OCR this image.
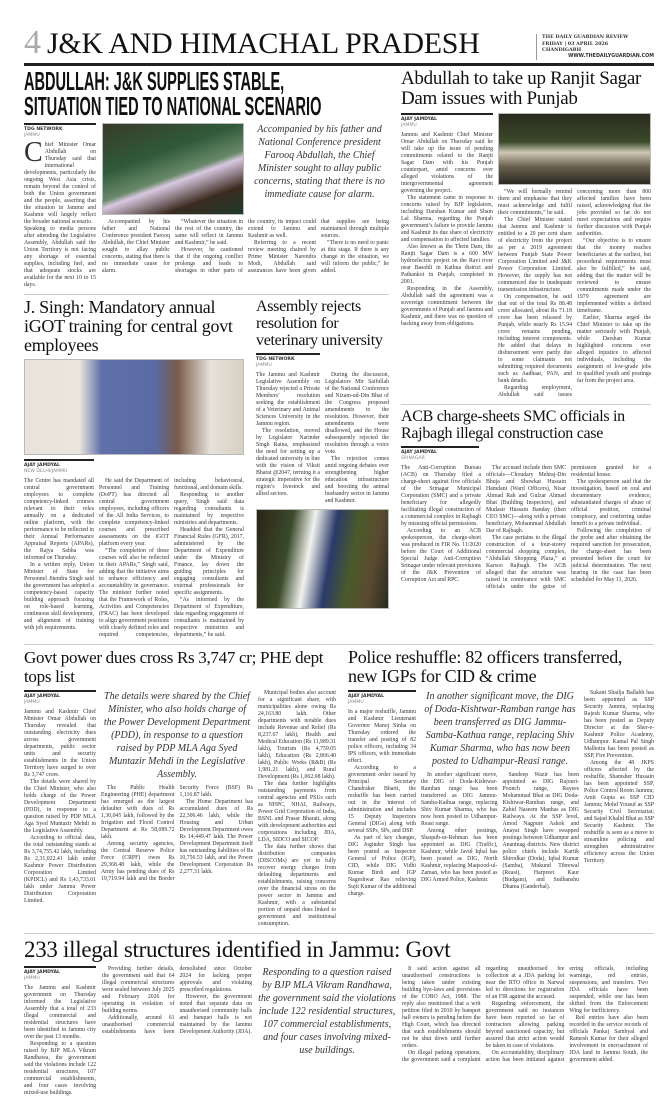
4 J&K AND HIMACHAL PRADESH	THE DAILY GUARDIAN REVIEW
FRIDAY | 03 APRIL 2026
CHANDIGARH
WWW.THEDAILYGUARDIAN.COM
ABDULLAH: J&K SUPPLIES STABLE,
SITUATION TIED TO NATIONAL SCENARIO
TDG NETWORK
JAMMU
Chief Minister Omar Abdullah on Thursday said that international developments, particularly the ongoing West Asia crisis, remain beyond the control of both the Union government and the people, asserting that the situation in Jammu and Kashmir will largely reflect the broader national scenario.

Speaking to media persons after attending the Legislative Assembly, Abdullah said the Union Territory is not facing any shortage of essential supplies, including fuel, and that adequate stocks are available for the next 10 to 15 days.

Accompanied by his father and National Conference president Farooq Abdullah, the Chief Minister sought to allay public concerns, stating that there is no immediate cause for alarm.

Accompanied by his father and National Conference president Farooq Abdullah, the Chief Minister sought to allay public concerns, stating that there is no immediate cause for alarm.

“Whatever the situation in the rest of the country, the same will reflect in Jammu and Kashmir,” he said.

However, he cautioned that if the ongoing conflict prolongs and leads to shortages in other parts of the country, its impact could extend to Jammu and Kashmir as well.

Referring to a recent review meeting chaired by Prime Minister Narendra Modi, Abdullah said assurances have been given that supplies are being maintained through multiple sources.

“There is no need to panic at this stage. If there is any change in the situation, we will inform the public,” he added.

J. Singh: Mandatory annual iGOT training for central govt employees
AJAY JAMDYAL
NEW DELHI/JAMMU

The Centre has mandated all central government employees to complete competency-linked courses relevant to their roles annually on a dedicated online platform, with the performance to be reflected in their Annual Performance Appraisal Reports (APARs), the Rajya Sabha was informed on Thursday.

In a written reply, Union Minister of State for Personnel Jitendra Singh said the government has adopted a competency-based capacity building approach focusing on role-based learning, continuous skill development, and alignment of training with job requirements.

He said the Department of Personnel and Training (DoPT) has directed all central government employees, including officers of the All India Services, to complete competency-linked courses and prescribed assessments on the iGOT platform every year.

“The completion of these courses will also be reflected in their APARs,” Singh said, adding that the initiative aims to enhance efficiency and accountability in governance. The minister further noted that the Framework of Roles, Activities and Competencies (FRAC) has been developed to align government positions with clearly defined roles and required competencies, including behavioural, functional, and domain skills.

Responding to another query, Singh said data regarding consultants is maintained by respective ministries and departments.

Headded that the General Financial Rules (GFR), 2017, administered by the Department of Expenditure under the Ministry of Finance, lay down the guiding principles for engaging consultants and external professionals for specific assignments.

“As informed by the Department of Expenditure, data regarding engagement of consultants is maintained by respective ministries and departments,” he said.

Assembly rejects resolution for veterinary university
TDG NETWORK
JAMMU

The Jammu and Kashmir Legislative Assembly on Thursday rejected a Private Members’ resolution seeking the establishment of a Veterinary and Animal Sciences University in the Jammu region.

The resolution, moved by Legislator Narinder Singh Raina, emphasized the need for setting up a dedicated university in line with the vision of Viksit Bharat @2047, terming it a strategic imperative for the region’s livestock and allied sectors.

During the discussion, Legislators Mir Saifullah of the National Conference and Nizam-ud-Din Bhat of the Congress proposed amendments to the resolution. However, their amendments were disallowed, and the House subsequently rejected the resolution through a voice vote.

The rejection comes amid ongoing debates over strengthening higher education infrastructure and boosting the animal husbandry sector in Jammu and Kashmir.

Abdullah to take up Ranjit Sagar Dam issues with Punjab
AJAY JAMDYAL
JAMMU

Jammu and Kashmir Chief Minister Omar Abdullah on Thursday said he will take up the issue of pending commitments related to the Ranjit Sagar Dam with his Punjab counterpart, amid concerns over alleged violations of the intergovernmental agreement governing the project.

The statement came in response to concerns raised by BJP legislators, including Darshan Kumar and Sham Lal Sharma, regarding the Punjab government’s failure to provide Jammu and Kashmir its due share of electricity and compensation to affected families.

Also known as the Thein Dam, the Ranjit Sagar Dam is a 600 MW hydroelectric project on the Ravi river near Basohli in Kathua district and Pathankot in Punjab, completed in 2001.

Responding in the Assembly, Abdullah said the agreement was a sovereign commitment between the governments of Punjab and Jammu and Kashmir, and there was no question of backing away from obligations.

“We will formally remind them and emphasise that they must acknowledge and fulfil their commitments,” he said.

The Chief Minister stated that Jammu and Kashmir is entitled to a 20 per cent share of electricity from the project as per a 2019 agreement between Punjab State Power Corporation Limited and J&K Power Corporation Limited. However, the supply has not commenced due to inadequate transmission infrastructure.

On compensation, he said that out of the total Rs 88.48 crore allocated, about Rs 71.18 crore has been released by Punjab, while nearly Rs 15.94 crore remains pending, including interest components. He added that delays in disbursement were partly due to some claimants not submitting required documents such as Aadhaar, PAN, and bank details.

Regarding employment, Abdullah said issues concerning more than 800 affected families have been raised, acknowledging that the jobs provided so far do not meet expectations and require further discussion with Punjab authorities.

“Our objective is to ensure that the money reaches beneficiaries at the earliest, but procedural requirements must also be fulfilled,” he said, adding that the matter will be reviewed to ensure commitments made under the 1979 agreement are implemented within a defined timeframe.

Earlier, Sharma urged the Chief Minister to take up the matter seriously with Punjab, while Darshan Kumar highlighted concerns over alleged injustice to affected individuals, including the assignment of low-grade jobs to qualified youth and postings far from the project area.

ACB charge-sheets SMC officials in Rajbagh illegal construction case
AJAY JAMDYAL
SRINAGAR

The Anti-Corruption Bureau (ACB) on Thursday filed a charge-sheet against five officials of the Srinagar Municipal Corporation (SMC) and a private beneficiary for allegedly facilitating illegal construction of a commercial complex in Rajbagh by misusing official permissions.

According to an ACB spokesperson, the charge-sheet was produced in FIR No. 11/2020 before the Court of Additional Special Judge Anti-Corruption Srinagar under relevant provisions of the J&K Prevention of Corruption Act and RPC.

The accused include then SMC officials—Choudary Mehraj-Din Bhuja and Showkat Hussain Hamdani (Ward Officers), Nisar Ahmad Rah and Gulzar Ahmad Bhat (Building Inspectors), and Mudasir Hussain Banday (then CEO SMC)—along with a private beneficiary, Mohammad Abdullah Dar of Rajbagh.

The case pertains to the illegal construction of a four-storey commercial shopping complex, “Abdullah Shopping Plaza,” at Karsoo Rajbagh. The ACB alleged that the structure was raised in connivance with SMC officials under the guise of permission granted for a residential house.

The spokesperson said that the investigation, based on oral and documentary evidence, substantiated charges of abuse of official position, criminal conspiracy, and conferring undue benefit to a private individual.

Following the completion of the probe and after obtaining the required sanction for prosecution, the charge-sheet has been presented before the court for judicial determination. The next hearing in the case has been scheduled for May 11, 2026.

Govt power dues cross Rs 3,747 cr; PHE dept tops list
AJAY JAMDYAL
JAMMU

Jammu and Kashmir Chief Minister Omar Abdullah on Thursday revealed that outstanding electricity dues across government departments, public sector units and security establishments in the Union Territory have surged to over Rs 3,747 crore.

The details were shared by the Chief Minister, who also holds charge of the Power Development Department (PDD), in response to a question raised by PDP MLA Aga Syed Muntazir Mehdi in the Legislative Assembly.

According to official data, the total outstanding stands at Rs 3,74,755.42 lakh, including Rs 2,31,022.41 lakh under Kashmir Power Distribution Corporation Limited (KPDCL) and Rs 1,43,733.01 lakh under Jammu Power Distribution Corporation Limited.

The details were shared by the Chief Minister, who also holds charge of the Power Development Department (PDD), in response to a question raised by PDP MLA Aga Syed Muntazir Mehdi in the Legislative Assembly.

The Public Health Engineering (PHE) department has emerged as the largest defaulter with dues of Rs 1,30,045 lakh, followed by the Irrigation and Flood Control Department at Rs 58,089.72 lakh.

Among security agencies, the Central Reserve Police Force (CRPF) owes Rs 29,368.48 lakh, while the Army has pending dues of Rs 19,719.94 lakh and the Border Security Force (BSF) Rs 1,116.87 lakh.

The Home Department has accumulated dues of Rs 22,306.46 lakh, while the Housing and Urban Development Department owes Rs 14,449.47 lakh. The Power Development Department itself has outstanding liabilities of Rs 10,756.53 lakh, and the Power Development Corporation Rs 2,277.31 lakh.

Municipal bodies also account for a significant share, with municipalities alone owing Rs 24,163.80 lakh. Other departments with notable dues include Revenue and Relief (Rs 8,237.67 lakh), Health and Medical Education (Rs 11,989.31 lakh), Tourism (Rs 4,759.05 lakh), Education (Rs 2,866.40 lakh), Public Works (R&B) (Rs 1,981.21 lakh), and Rural Development (Rs 1,062.98 lakh).

The data further highlights outstanding payments from central agencies and PSUs such as NHPC, NHAI, Railways, Power Grid Corporation of India, BSNL and Prasar Bharati, along with development authorities and corporations including JDA, LDA, SIDCO and SICOP.

The data further shows that distribution companies (DISCOMs) are yet to fully recover energy charges from defaulting departments and establishments, raising concerns over the financial stress on the power sector in Jammu and Kashmir, with a substantial portion of unpaid dues linked to government and institutional consumption.

Police reshuffle: 82 officers transferred, new IGPs for CID & crime
AJAY JAMDYAL
JAMMU

In a major reshuffle, Jammu and Kashmir Lieutenant Governor Manoj Sinha on Thursday ordered the transfer and posting of 82 police officers, including 34 IPS officers, with immediate effect.

According to a government order issued by Principal Secretary Chandraker Bharti, the reshuffle has been carried out in the interest of administration and includes 15 Deputy Inspectors General (DIGs) along with several SSPs, SPs, and DSP.

As part of key changes, DIG Joginder Singh has been posted as Inspector General of Police (IGP), CID, while DIG Vidhi Kumar Birdi and IGP Nageshwar Rao relieving Sujit Kumar of the additional charge.

In another significant move, the DIG of Doda-Kishtwar-Ramban range has been transferred as DIG Jammu-Samba-Kathua range, replacing Shiv Kumar Sharma, who has now been posted to Udhampur-Reasi range.

In another significant move, the DIG of Doda-Kishtwar-Ramban range has been transferred as DIG Jammu-Samba-Kathua range, replacing Shiv Kumar Sharma, who has now been posted to Udhampur-Reasi range.

Among other postings, Shaquib-ur-Rehman has been appointed as DIG (Traffic), Kashmir, while Javid Iqbal has been posted as DIG, North Kashmir, replacing Maqsood-ul-Zaman, who has been posted as DIG Armed Police, Kashmir.

Sandeep Wazir has been appointed as DIG Rajouri-Poonch range, Rayees Mohammad Bhat as DIG Doda-Kishtwar-Ramban range, and Zahid Naseem Manhas as DIG Railways. At the SSP level, Amod Nagpure Ashok and Anayat Singh have swapped postings between Udhampur and Anantnag districts. New district police chiefs include Kartik Shirodkar (Doda), Iqbal Kumar (Samba), Mukund Tibrewal (Reasi), Harpreet Kaur (Budgam), and Sudhanshu Dhama (Ganderbal).

Sukant Shailja Ballabh has been appointed as SSP Security Jammu, replacing Rajesh Kumar Sharma, who has been posted as Deputy Director at the Sher-e-Kashmir Police Academy, Udhampur. Kamal Pal Singh Malhotra has been posted as SSP, Fire Prevention.

Among the 48 JKPS officers affected by the reshuffle, Shamsher Hussain has been appointed SSP, Police Control Room Jammu; Amit Gupta as SSP CID Jammu; Mohd Yousuf as SSP Security Civil Secretariat; and Sajad Khalid Bhat as SSP Security Kashmir. The reshuffle is seen as a move to streamline policing and strengthen administrative efficiency across the Union Territory.

233 illegal structures identified in Jammu: Govt
AJAY JAMDYAL
JAMMU

The Jammu and Kashmir government on Thursday informed the Legislative Assembly that a total of 233 illegal commercial and residential structures have been identified in Jammu city over the past 13 months.

Responding to a question raised by BJP MLA Vikram Randhawa, the government said the violations include 122 residential structures, 107 commercial establishments, and four cases involving mixed-use buildings.

Providing further details, the government said that 64 illegal commercial structures were sealed between July 2025 and February 2026 for operating in violation of building norms.

Additionally, around 61 unauthorised commercial establishments have been demolished since October 2024 for lacking proper approvals and violating prescribed regulations.

However, the government noted that separate data on unauthorised community halls and banquet halls is not maintained by the Jammu Development Authority (JDA).

Responding to a question raised by BJP MLA Vikram Randhawa, the government said the violations include 122 residential structures, 107 commercial establishments, and four cases involving mixed-use buildings.

It said action against all unauthorised constructions is being taken under existing building bye-laws and provisions of the COBO Act, 1988. The reply also mentioned that a writ petition filed in 2010 by banquet hall owners is pending before the High Court, which has directed that such establishments should not be shut down until further orders.

On illegal parking operations, the government said a complaint regarding unauthorised fee collection at a JDA parking lot near the RTO office in Narwal led to directions for registration of an FIR against the accused.

Regarding enforcement, the government said no instances have been reported so far of contractors allowing parking beyond sanctioned capacity, but assured that strict action would be taken in case of violations.

On accountability, disciplinary action has been initiated against erring officials, including warnings, red entries, suspensions, and transfers. Two JDA officials have been suspended, while one has been shifted from the Enforcement Wing for inefficiency.

Red entries have also been recorded in the service records of officials Pankaj Sambyal and Ramesh Kumar for their alleged involvement in encroachment of JDA land in Jammu South, the government added.
